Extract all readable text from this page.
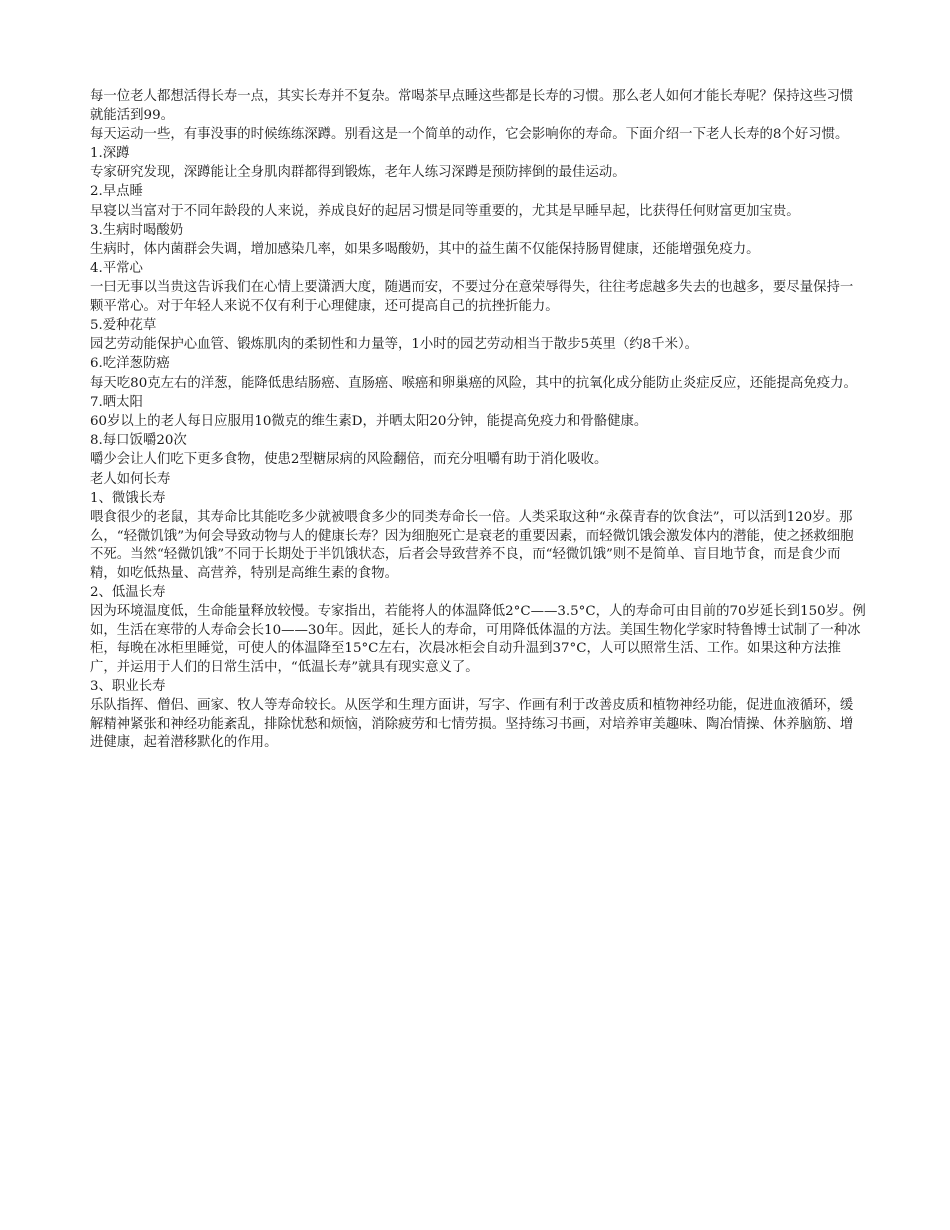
每一位老人都想活得长寿一点，其实长寿并不复杂。常喝茶早点睡这些都是长寿的习惯。那么老人如何才能长寿呢？保持这些习惯就能活到99。

每天运动一些，有事没事的时候练练深蹲。别看这是一个简单的动作，它会影响你的寿命。下面介绍一下老人长寿的8个好习惯。

1.深蹲

专家研究发现，深蹲能让全身肌肉群都得到锻炼，老年人练习深蹲是预防摔倒的最佳运动。

2.早点睡

早寝以当富对于不同年龄段的人来说，养成良好的起居习惯是同等重要的，尤其是早睡早起，比获得任何财富更加宝贵。

3.生病时喝酸奶

生病时，体内菌群会失调，增加感染几率，如果多喝酸奶，其中的益生菌不仅能保持肠胃健康，还能增强免疫力。

4.平常心

一曰无事以当贵这告诉我们在心情上要潇洒大度，随遇而安，不要过分在意荣辱得失，往往考虑越多失去的也越多，要尽量保持一颗平常心。对于年轻人来说不仅有利于心理健康，还可提高自己的抗挫折能力。

5.爱种花草

园艺劳动能保护心血管、锻炼肌肉的柔韧性和力量等，1小时的园艺劳动相当于散步5英里（约8千米）。

6.吃洋葱防癌

每天吃80克左右的洋葱，能降低患结肠癌、直肠癌、喉癌和卵巢癌的风险，其中的抗氧化成分能防止炎症反应，还能提高免疫力。

7.晒太阳

60岁以上的老人每日应服用10微克的维生素D，并晒太阳20分钟，能提高免疫力和骨骼健康。

8.每口饭嚼20次

嚼少会让人们吃下更多食物，使患2型糖尿病的风险翻倍，而充分咀嚼有助于消化吸收。

老人如何长寿

1、微饿长寿

喂食很少的老鼠，其寿命比其能吃多少就被喂食多少的同类寿命长一倍。人类采取这种“永葆青春的饮食法”，可以活到120岁。那么，“轻微饥饿”为何会导致动物与人的健康长寿？因为细胞死亡是衰老的重要因素，而轻微饥饿会激发体内的潜能，使之拯救细胞不死。当然“轻微饥饿”不同于长期处于半饥饿状态，后者会导致营养不良，而“轻微饥饿”则不是简单、盲目地节食，而是食少而精，如吃低热量、高营养，特别是高维生素的食物。

2、低温长寿

因为环境温度低，生命能量释放较慢。专家指出，若能将人的体温降低2°C——3.5°C，人的寿命可由目前的70岁延长到150岁。例如，生活在寒带的人寿命会长10——30年。因此，延长人的寿命，可用降低体温的方法。美国生物化学家时特鲁博士试制了一种冰柜，每晚在冰柜里睡觉，可使人的体温降至15°C左右，次晨冰柜会自动升温到37°C，人可以照常生活、工作。如果这种方法推广，并运用于人们的日常生活中，“低温长寿”就具有现实意义了。

3、职业长寿

乐队指挥、僧侣、画家、牧人等寿命较长。从医学和生理方面讲，写字、作画有利于改善皮质和植物神经功能，促进血液循环，缓解精神紧张和神经功能紊乱，排除忧愁和烦恼，消除疲劳和七情劳损。坚持练习书画，对培养审美趣味、陶冶情操、休养脑筋、增进健康，起着潜移默化的作用。
